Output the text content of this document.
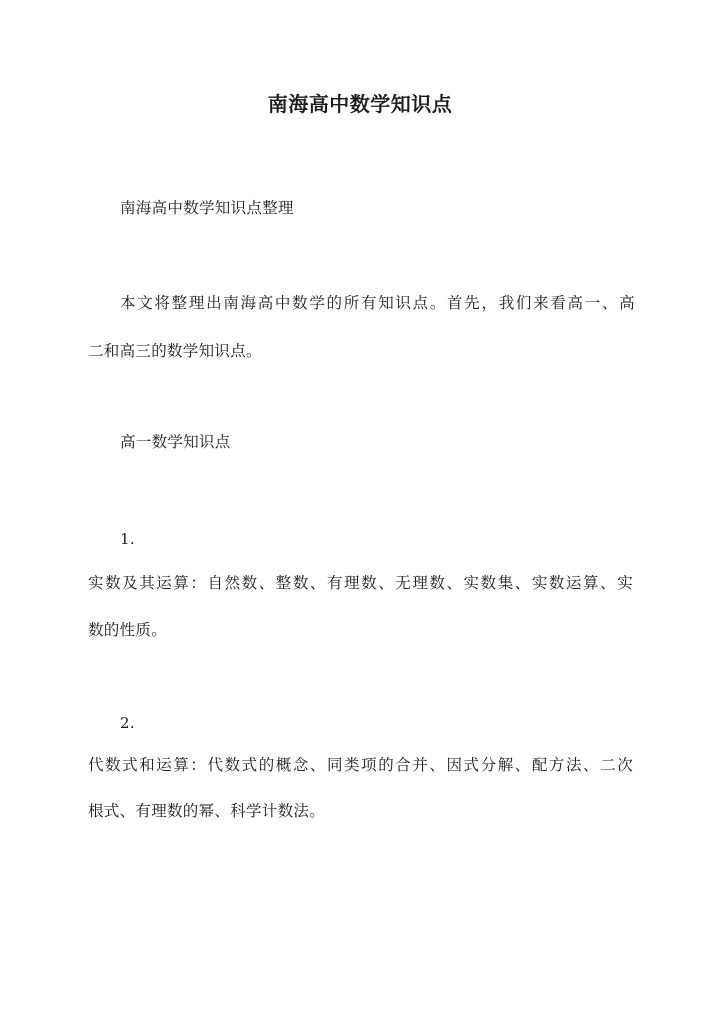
南海高中数学知识点
南海高中数学知识点整理
本文将整理出南海高中数学的所有知识点。首先，我们来看高一、高
二和高三的数学知识点。
高一数学知识点
1.
实数及其运算：自然数、整数、有理数、无理数、实数集、实数运算、实
数的性质。
2.
代数式和运算：代数式的概念、同类项的合并、因式分解、配方法、二次
根式、有理数的幂、科学计数法。
